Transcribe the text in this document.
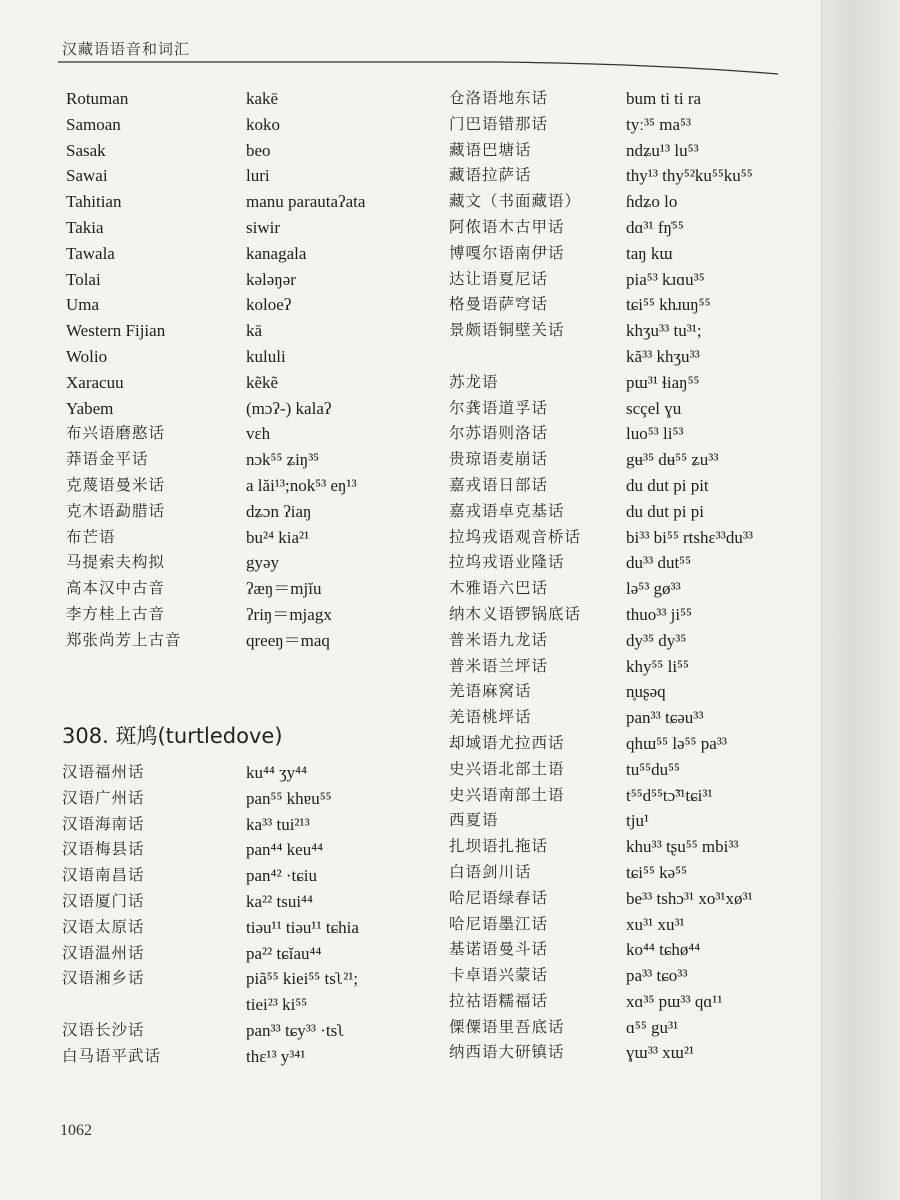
汉藏语语音和词汇
Rotuman	kakē
Samoan	koko
Sasak	beo
Sawai	luri
Tahitian	manu parautaʔata
Takia	siwir
Tawala	kanagala
Tolai	kələŋər
Uma	koloeʔ
Western Fijian	kā
Wolio	kululi
Xaracuu	kẽkẽ
Yabem	(mɔʔ-) kalaʔ
布兴语磨憨话	vɛh
莽语金平话	nɔk⁵⁵ ʑiŋ³⁵
克蔑语曼米话	a lăi¹³;nok⁵³ eŋ¹³
克木语勐腊话	dʑɔn ʔiaŋ
布芒语	bu²⁴ kia²¹
马提索夫构拟	gyəy
高本汉中古音	ʔæŋ＝mjĭu
李方桂上古音	ʔriŋ＝mjagx
郑张尚芳上古音	qreeŋ＝maq
308. 斑鸠(turtledove)
汉语福州话	ku⁴⁴ ʒy⁴⁴
汉语广州话	pan⁵⁵ khɐu⁵⁵
汉语海南话	ka³³ tui²¹³
汉语梅县话	pan⁴⁴ keu⁴⁴
汉语南昌话	pan⁴² ·tɕiu
汉语厦门话	ka²² tsui⁴⁴
汉语太原话	tiəu¹¹ tiəu¹¹ tɕhia
汉语温州话	pa²² tɕĭau⁴⁴
汉语湘乡话	piã⁵⁵ kiei⁵⁵ tsʅ²¹;
tiei²³ ki⁵⁵
汉语长沙话	pan³³ tɕy³³ ·tsʅ
白马语平武话	thɛ¹³ y³⁴¹
仓洛语地东话	bum ti ti ra
门巴语错那话	tyː³⁵ ma⁵³
藏语巴塘话	ndʑu¹³ lu⁵³
藏语拉萨话	thy¹³ thy⁵²ku⁵⁵ku⁵⁵
藏文（书面藏语）	ɦdʑo lo
阿侬语木古甲话	dɑ³¹ fŋ̍⁵⁵
博嘎尔语南伊话	taŋ kɯ
达让语夏尼话	pia⁵³ kɹɑu³⁵
格曼语萨穹话	tɕi⁵⁵ khɹuŋ⁵⁵
景颇语铜壁关话	khʒu³³ tu³¹;
kă³³ khʒu³³
苏龙语	pɯ³¹ ɬiaŋ⁵⁵
尔龚语道孚话	scçel ɣu
尔苏语则洛话	luo⁵³ li⁵³
贵琼语麦崩话	gʉ³⁵ dʉ⁵⁵ ʑu³³
嘉戎语日部话	du dut pi pit
嘉戎语卓克基话	du dut pi pi
拉坞戎语观音桥话	bi³³ bi⁵⁵ rtshɛ³³du³³
拉坞戎语业隆话	du³³ dut⁵⁵
木雅语六巴话	lə⁵³ gø³³
纳木义语锣锅底话	thuo³³ ji⁵⁵
普米语九龙话	dy³⁵ dy³⁵
普米语兰坪话	khy⁵⁵ li⁵⁵
羌语麻窝话	n̥uʂəq
羌语桃坪话	pan³³ tɕəu³³
却域语尤拉西话	qhɯ⁵⁵ lə⁵⁵ pa³³
史兴语北部土语	tu⁵⁵du⁵⁵
史兴语南部土语	t⁵⁵d⁵⁵tɔ̃³¹tɕi³¹
西夏语	tju¹
扎坝语扎拖话	khu³³ tʂu⁵⁵ mbi³³
白语剑川话	tɕi⁵⁵ kə⁵⁵
哈尼语绿春话	be³³ tshɔ³¹ xo³¹xø³¹
哈尼语墨江话	xu³¹ xu³¹
基诺语曼斗话	ko⁴⁴ tɕhø⁴⁴
卡卓语兴蒙话	pa³³ tɕo³³
拉祜语糯福话	xɑ³⁵ pɯ³³ qɑ¹¹
傈僳语里吾底话	ɑ⁵⁵ gu³¹
纳西语大研镇话	ɣɯ³³ xɯ²¹
1062
